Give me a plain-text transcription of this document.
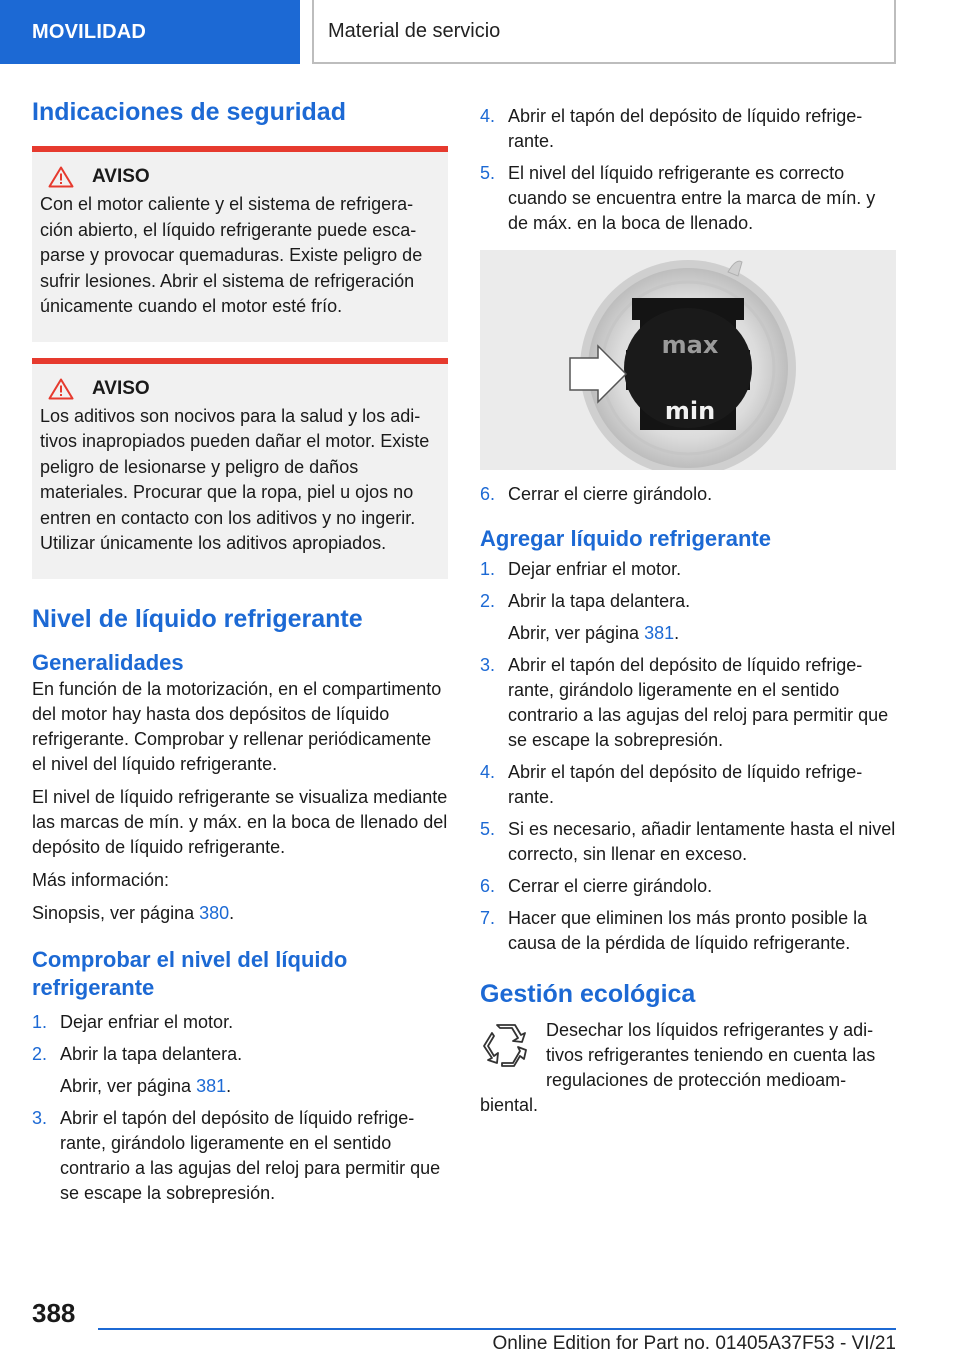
MOVILIDAD	Material de servicio
Indicaciones de seguridad
AVISO

Con el motor caliente y el sistema de refrigeración abierto, el líquido refrigerante puede escaparse y provocar quemaduras. Existe peligro de sufrir lesiones. Abrir el sistema de refrigeración únicamente cuando el motor esté frío.

AVISO

Los aditivos son nocivos para la salud y los aditivos inapropiados pueden dañar el motor. Existe peligro de lesionarse y peligro de daños materiales. Procurar que la ropa, piel u ojos no entren en contacto con los aditivos y no ingerir. Utilizar únicamente los aditivos apropiados.

Nivel de líquido refrigerante
Generalidades

En función de la motorización, en el compartimento del motor hay hasta dos depósitos de líquido refrigerante. Comprobar y rellenar periódicamente el nivel del líquido refrigerante.

El nivel de líquido refrigerante se visualiza mediante las marcas de mín. y máx. en la boca de llenado del depósito de líquido refrigerante.

Más información:

Sinopsis, ver página 380.

Comprobar el nivel del líquido refrigerante
1. Dejar enfriar el motor.
2. Abrir la tapa delantera.

Abrir, ver página 381.

3. Abrir el tapón del depósito de líquido refrigerante, girándolo ligeramente en el sentido contrario a las agujas del reloj para permitir que se escape la sobrepresión.
4. Abrir el tapón del depósito de líquido refrigerante.
5. El nivel del líquido refrigerante es correcto cuando se encuentra entre la marca de mín. y de máx. en la boca de llenado.
max
min
6. Cerrar el cierre girándolo.
Agregar líquido refrigerante
1. Dejar enfriar el motor.
2. Abrir la tapa delantera.

Abrir, ver página 381.

3. Abrir el tapón del depósito de líquido refrigerante, girándolo ligeramente en el sentido contrario a las agujas del reloj para permitir que se escape la sobrepresión.
4. Abrir el tapón del depósito de líquido refrigerante.
5. Si es necesario, añadir lentamente hasta el nivel correcto, sin llenar en exceso.
6. Cerrar el cierre girándolo.
7. Hacer que eliminen los más pronto posible la causa de la pérdida de líquido refrigerante.
Gestión ecológica

Desechar los líquidos refrigerantes y aditivos refrigerantes teniendo en cuenta las regulaciones de protección medioambiental.

388
Online Edition for Part no. 01405A37F53 - VI/21
